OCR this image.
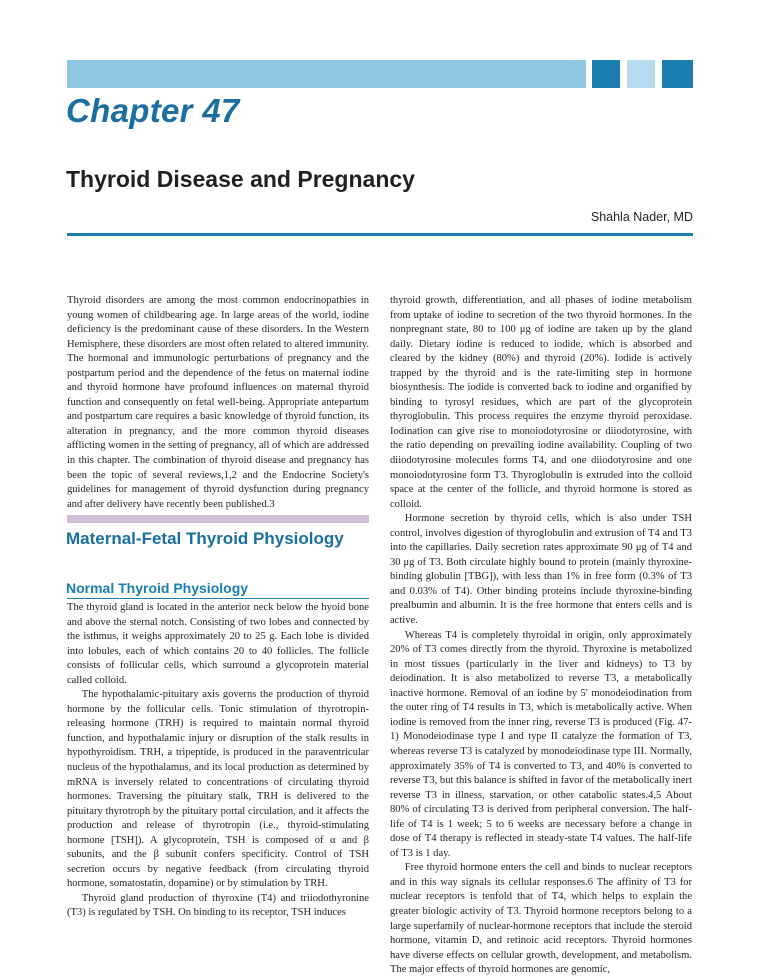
Chapter 47
Thyroid Disease and Pregnancy
Shahla Nader, MD

Thyroid disorders are among the most common endocrinopathies in young women of childbearing age. In large areas of the world, iodine deficiency is the predominant cause of these disorders. In the Western Hemisphere, these disorders are most often related to altered immunity. The hormonal and immunologic perturbations of pregnancy and the postpartum period and the dependence of the fetus on maternal iodine and thyroid hormone have profound influences on maternal thyroid function and consequently on fetal well-being. Appropriate antepartum and postpartum care requires a basic knowledge of thyroid function, its alteration in pregnancy, and the more common thyroid diseases afflicting women in the setting of pregnancy, all of which are addressed in this chapter. The combination of thyroid disease and pregnancy has been the topic of several reviews,1,2 and the Endocrine Society's guidelines for management of thyroid dysfunction during pregnancy and after delivery have recently been published.3

Maternal-Fetal Thyroid Physiology
Normal Thyroid Physiology

The thyroid gland is located in the anterior neck below the hyoid bone and above the sternal notch. Consisting of two lobes and connected by the isthmus, it weighs approximately 20 to 25 g. Each lobe is divided into lobules, each of which contains 20 to 40 follicles. The follicle consists of follicular cells, which surround a glycoprotein material called colloid.

The hypothalamic-pituitary axis governs the production of thyroid hormone by the follicular cells. Tonic stimulation of thyrotropin-releasing hormone (TRH) is required to maintain normal thyroid function, and hypothalamic injury or disruption of the stalk results in hypothyroidism. TRH, a tripeptide, is produced in the paraventricular nucleus of the hypothalamus, and its local production as determined by mRNA is inversely related to concentrations of circulating thyroid hormones. Traversing the pituitary stalk, TRH is delivered to the pituitary thyrotroph by the pituitary portal circulation, and it affects the production and release of thyrotropin (i.e., thyroid-stimulating hormone [TSH]). A glycoprotein, TSH is composed of α and β subunits, and the β subunit confers specificity. Control of TSH secretion occurs by negative feedback (from circulating thyroid hormone, somatostatin, dopamine) or by stimulation by TRH.

Thyroid gland production of thyroxine (T4) and triiodothyronine (T3) is regulated by TSH. On binding to its receptor, TSH induces

thyroid growth, differentiation, and all phases of iodine metabolism from uptake of iodine to secretion of the two thyroid hormones. In the nonpregnant state, 80 to 100 μg of iodine are taken up by the gland daily. Dietary iodine is reduced to iodide, which is absorbed and cleared by the kidney (80%) and thyroid (20%). Iodide is actively trapped by the thyroid and is the rate-limiting step in hormone biosynthesis. The iodide is converted back to iodine and organified by binding to tyrosyl residues, which are part of the glycoprotein thyroglobulin. This process requires the enzyme thyroid peroxidase. Iodination can give rise to monoiodotyrosine or diiodotyrosine, with the ratio depending on prevailing iodine availability. Coupling of two diiodotyrosine molecules forms T4, and one diiodotyrosine and one monoiodotyrosine form T3. Thyroglobulin is extruded into the colloid space at the center of the follicle, and thyroid hormone is stored as colloid.

Hormone secretion by thyroid cells, which is also under TSH control, involves digestion of thyroglobulin and extrusion of T4 and T3 into the capillaries. Daily secretion rates approximate 90 μg of T4 and 30 μg of T3. Both circulate highly bound to protein (mainly thyroxine-binding globulin [TBG]), with less than 1% in free form (0.3% of T3 and 0.03% of T4). Other binding proteins include thyroxine-binding prealbumin and albumin. It is the free hormone that enters cells and is active.

Whereas T4 is completely thyroidal in origin, only approximately 20% of T3 comes directly from the thyroid. Thyroxine is metabolized in most tissues (particularly in the liver and kidneys) to T3 by deiodination. It is also metabolized to reverse T3, a metabolically inactive hormone. Removal of an iodine by 5′ monodeiodination from the outer ring of T4 results in T3, which is metabolically active. When iodine is removed from the inner ring, reverse T3 is produced (Fig. 47-1) Monodeiodinase type I and type II catalyze the formation of T3, whereas reverse T3 is catalyzed by monodeiodinase type III. Normally, approximately 35% of T4 is converted to T3, and 40% is converted to reverse T3, but this balance is shifted in favor of the metabolically inert reverse T3 in illness, starvation, or other catabolic states.4,5 About 80% of circulating T3 is derived from peripheral conversion. The half-life of T4 is 1 week; 5 to 6 weeks are necessary before a change in dose of T4 therapy is reflected in steady-state T4 values. The half-life of T3 is 1 day.

Free thyroid hormone enters the cell and binds to nuclear receptors and in this way signals its cellular responses.6 The affinity of T3 for nuclear receptors is tenfold that of T4, which helps to explain the greater biologic activity of T3. Thyroid hormone receptors belong to a large superfamily of nuclear-hormone receptors that include the steroid hormone, vitamin D, and retinoic acid receptors. Thyroid hormones have diverse effects on cellular growth, development, and metabolism. The major effects of thyroid hormones are genomic,
